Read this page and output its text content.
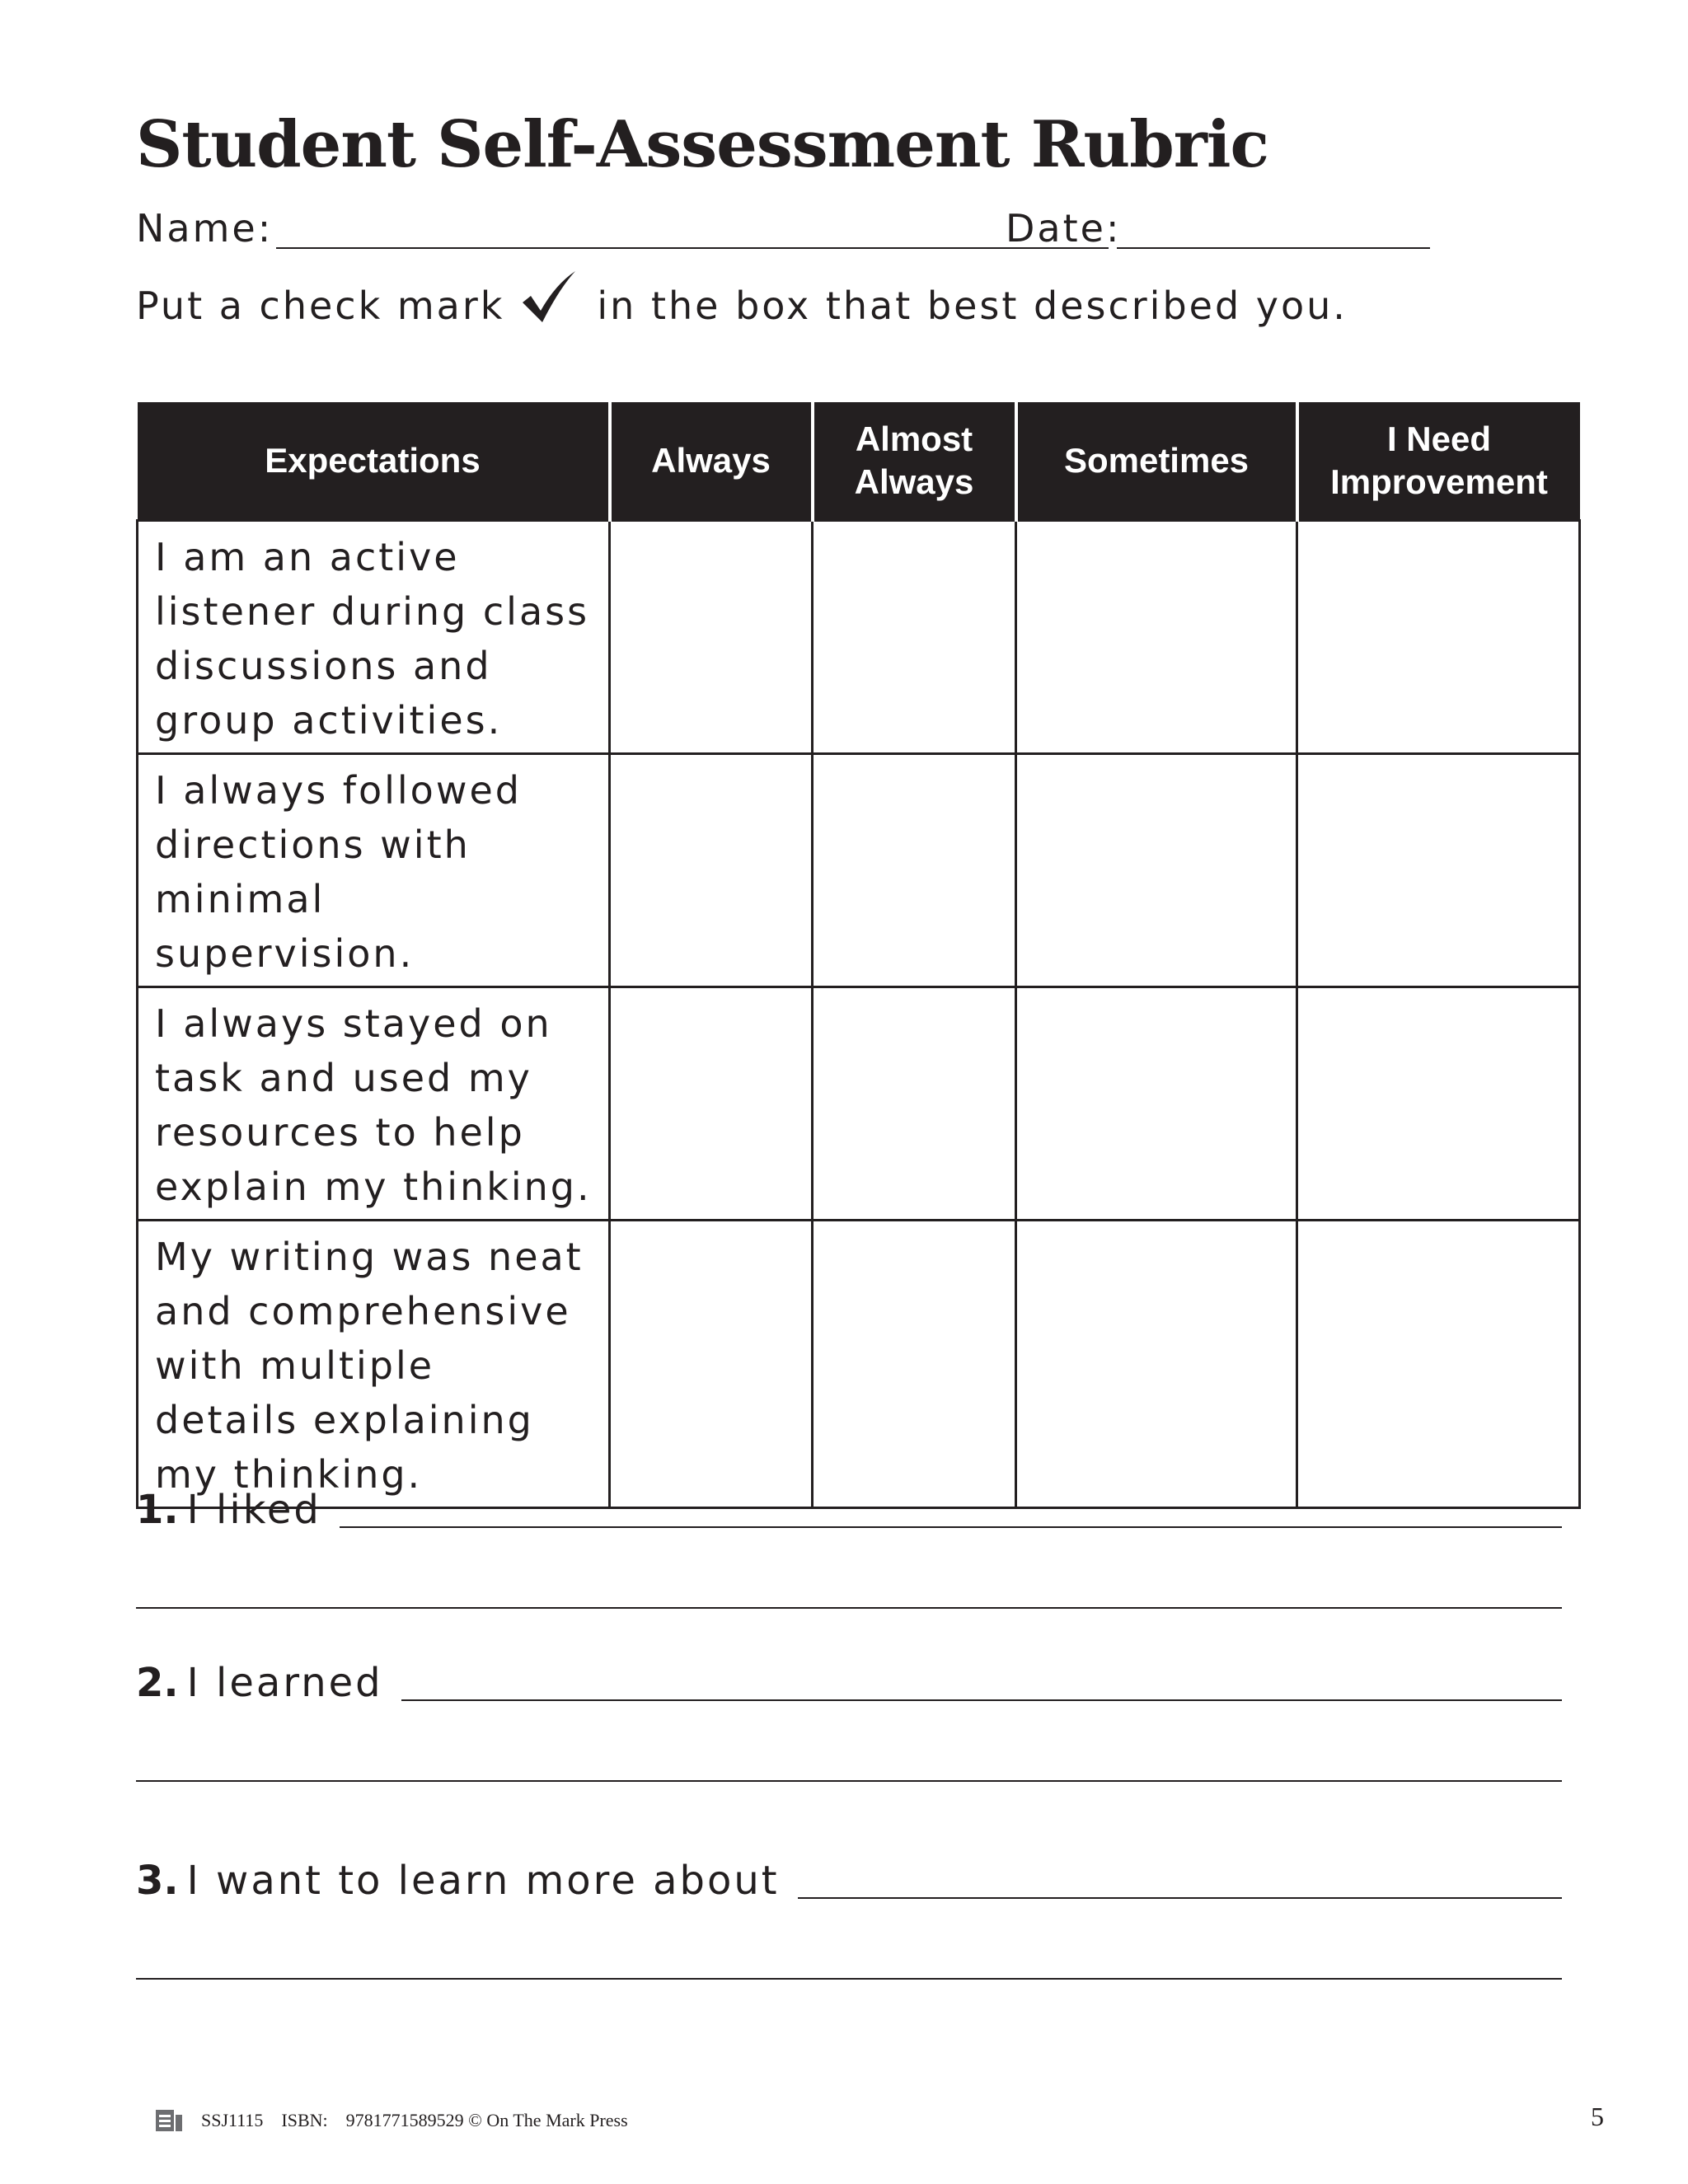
Student Self-Assessment Rubric
Name:	Date:
Put a check mark in the box that best described you.
Expectations	Always	Almost Always	Sometimes	I Need Improvement
I am an active listener during class discussions and group activities.				
I always followed directions with minimal supervision.				
I always stayed on task and used my resources to help explain my thinking.				
My writing was neat and comprehensive with multiple details explaining my thinking.				
1. I liked
2. I learned
3. I want to learn more about
SSJ1115 ISBN: 9781771589529 © On The Mark Press	5
